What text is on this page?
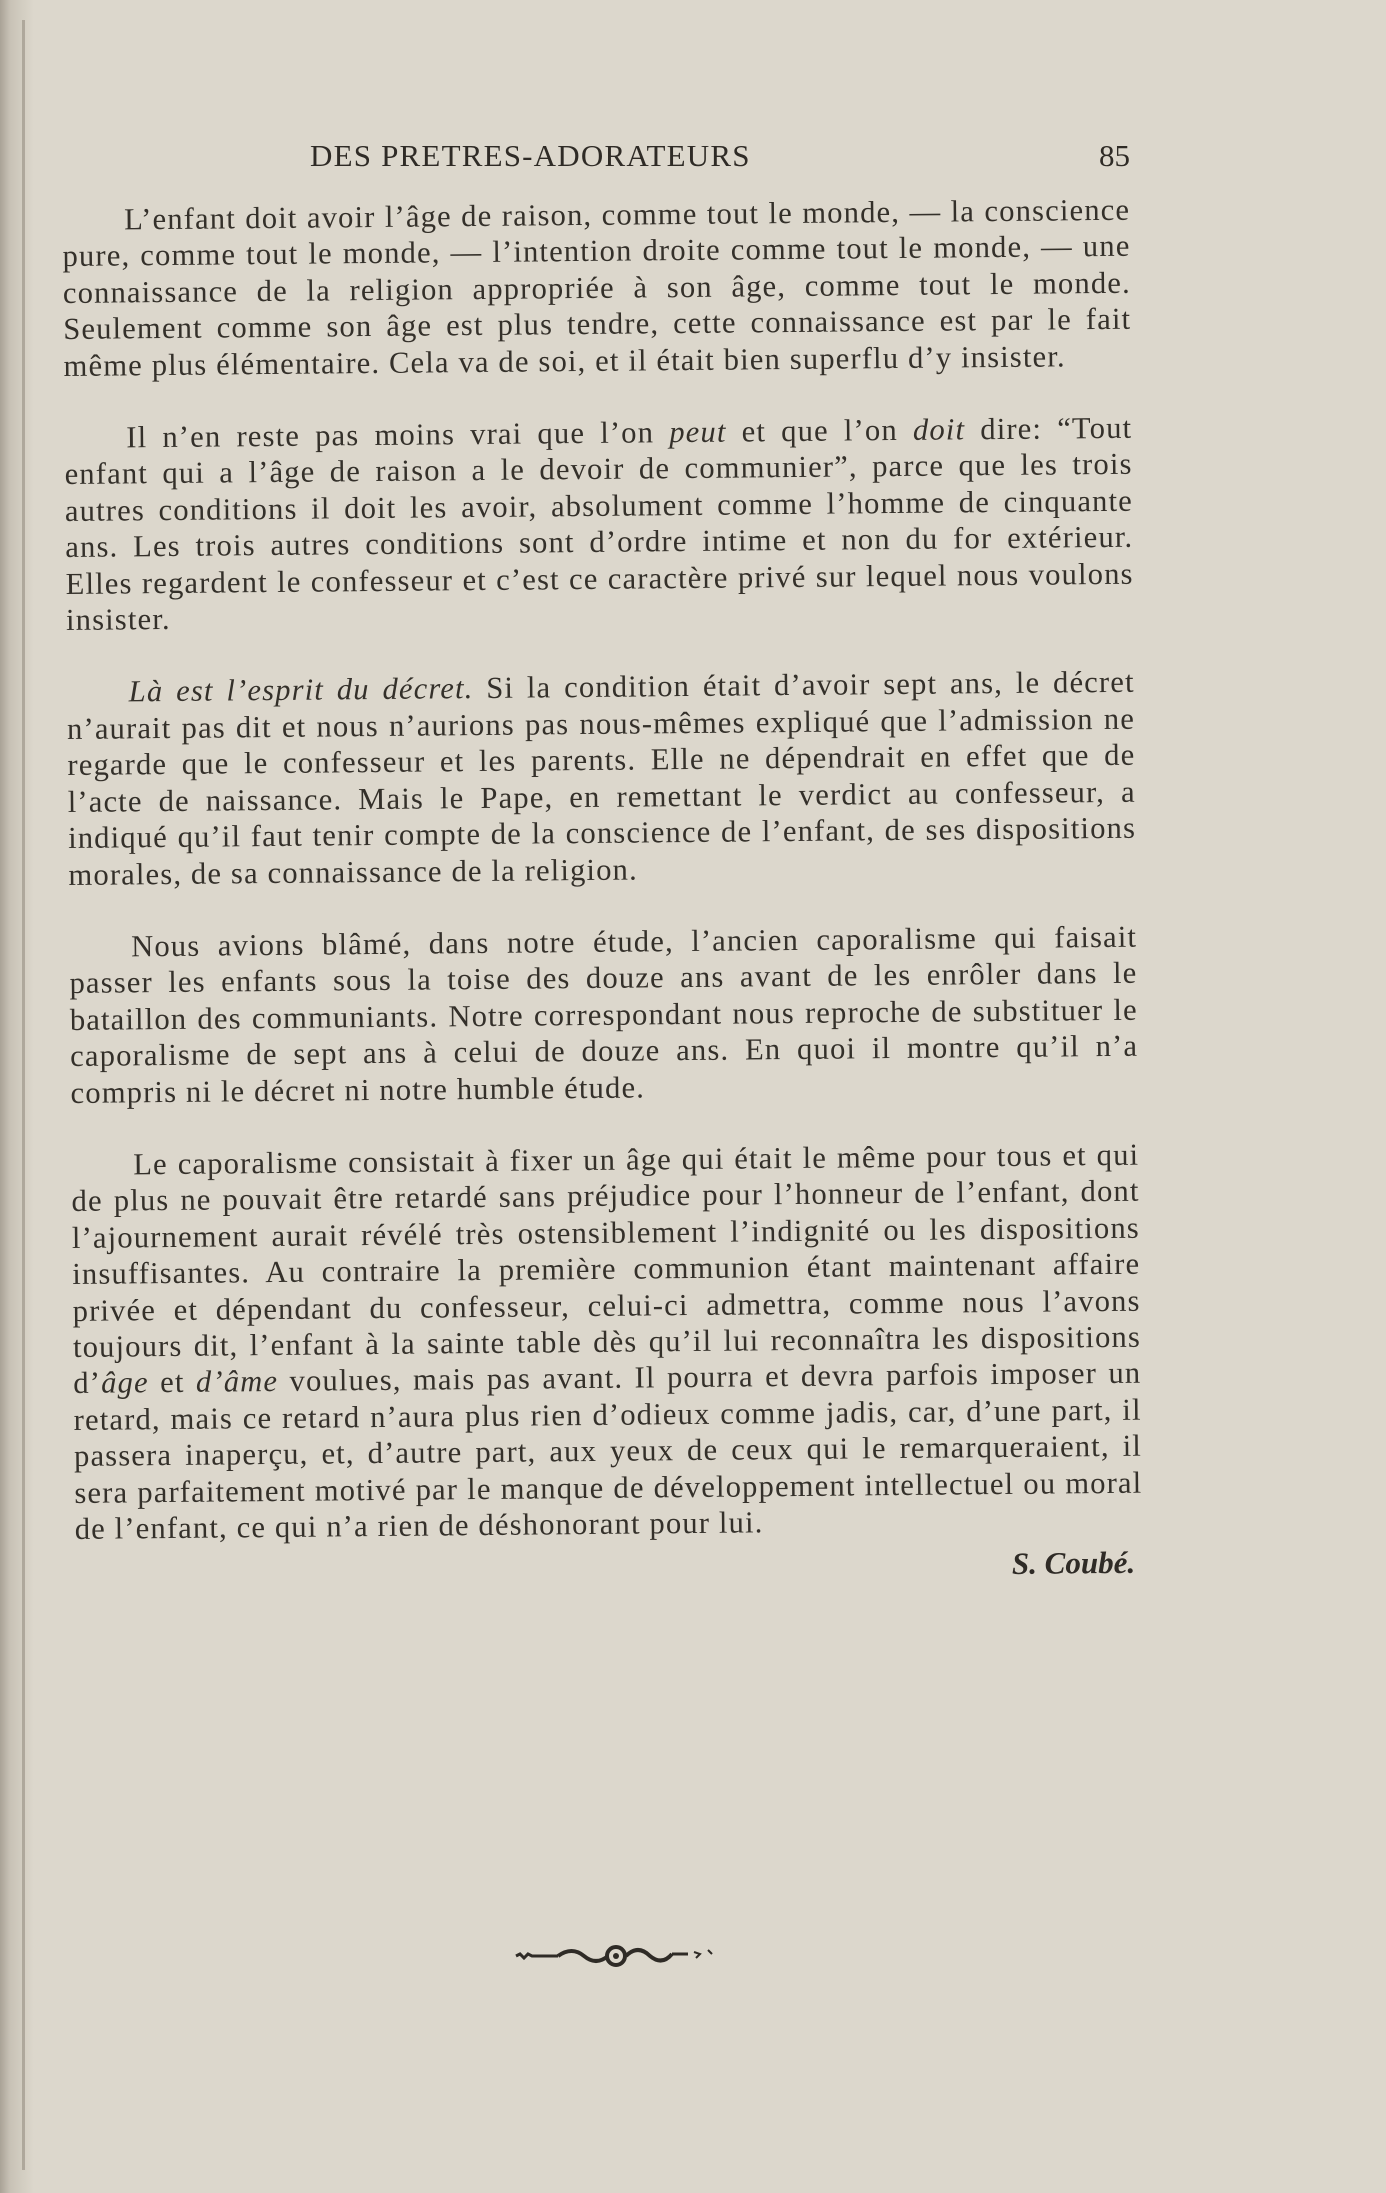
DES PRETRES-ADORATEURS	85

L’enfant doit avoir l’âge de raison, comme tout le monde, — la conscience pure, comme tout le monde, — l’intention droite comme tout le monde, — une connaissance de la religion appropriée à son âge, comme tout le monde. Seulement comme son âge est plus tendre, cette connaissance est par le fait même plus élémentaire. Cela va de soi, et il était bien superflu d’y insister.

Il n’en reste pas moins vrai que l’on peut et que l’on doit dire: “Tout enfant qui a l’âge de raison a le devoir de communier”, parce que les trois autres conditions il doit les avoir, absolument comme l’homme de cinquante ans. Les trois autres conditions sont d’ordre intime et non du for extérieur. Elles regardent le confesseur et c’est ce caractère privé sur lequel nous voulons insister.

Là est l’esprit du décret. Si la condition était d’avoir sept ans, le décret n’aurait pas dit et nous n’aurions pas nous-mêmes expliqué que l’admission ne regarde que le confesseur et les parents. Elle ne dépendrait en effet que de l’acte de naissance. Mais le Pape, en remettant le verdict au confesseur, a indiqué qu’il faut tenir compte de la conscience de l’enfant, de ses dispositions morales, de sa connaissance de la religion.

Nous avions blâmé, dans notre étude, l’ancien caporalisme qui faisait passer les enfants sous la toise des douze ans avant de les enrôler dans le bataillon des communiants. Notre correspondant nous reproche de substituer le caporalisme de sept ans à celui de douze ans. En quoi il montre qu’il n’a compris ni le décret ni notre humble étude.

Le caporalisme consistait à fixer un âge qui était le même pour tous et qui de plus ne pouvait être retardé sans préjudice pour l’honneur de l’enfant, dont l’ajournement aurait révélé très ostensiblement l’indignité ou les dispositions insuffisantes. Au contraire la première communion étant maintenant affaire privée et dépendant du confesseur, celui-ci admettra, comme nous l’avons toujours dit, l’enfant à la sainte table dès qu’il lui reconnaîtra les dispositions d’âge et d’âme voulues, mais pas avant. Il pourra et devra parfois imposer un retard, mais ce retard n’aura plus rien d’odieux comme jadis, car, d’une part, il passera inaperçu, et, d’autre part, aux yeux de ceux qui le remarqueraient, il sera parfaitement motivé par le manque de développement intellectuel ou moral de l’enfant, ce qui n’a rien de déshonorant pour lui.

S. Coubé.
